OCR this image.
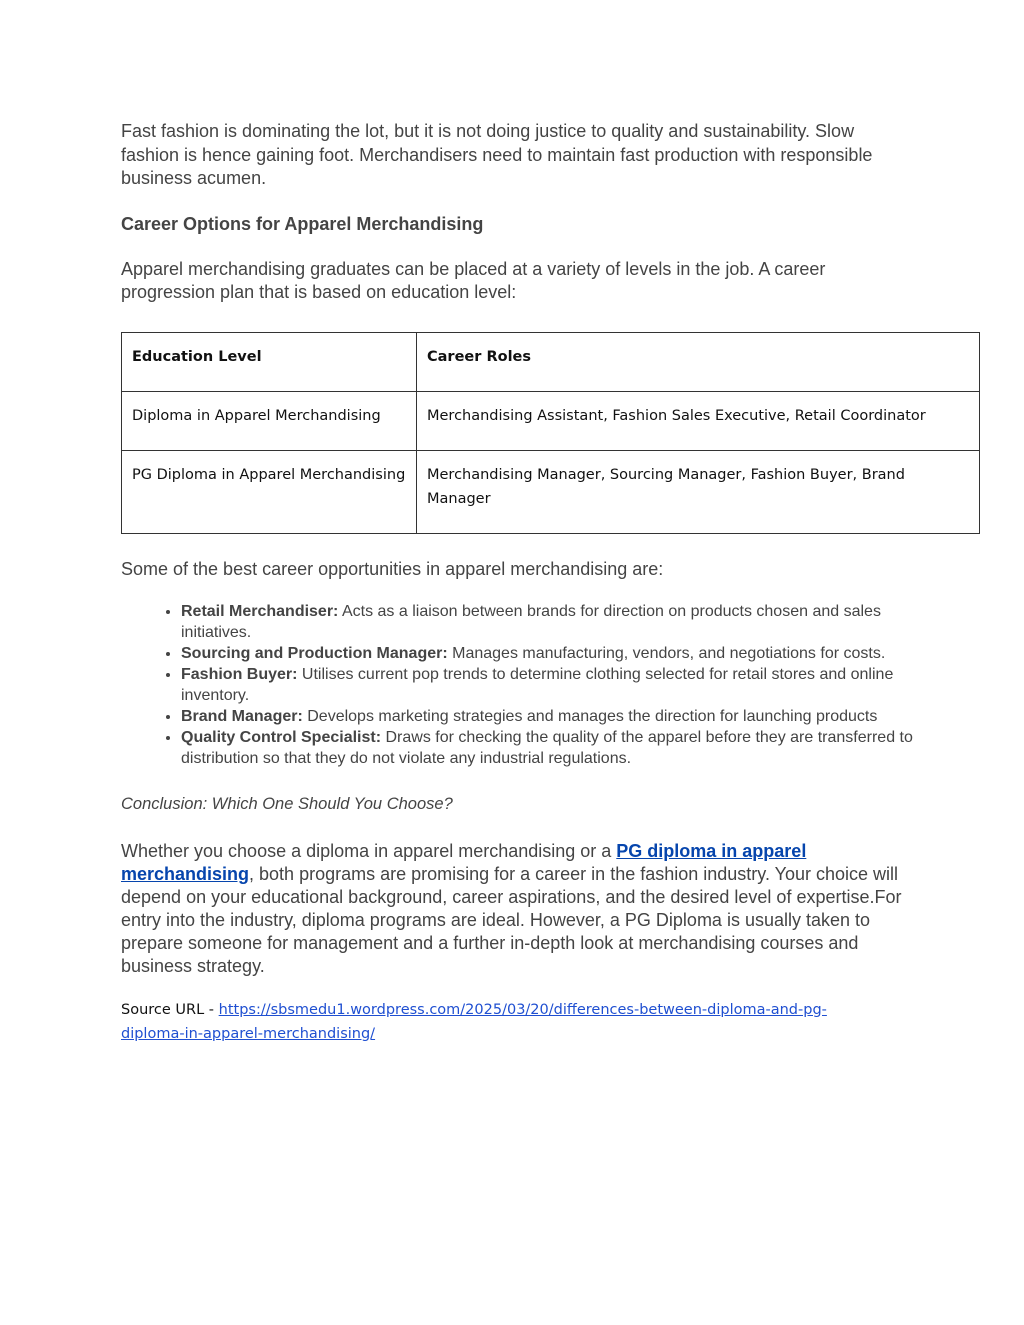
Fast fashion is dominating the lot, but it is not doing justice to quality and sustainability. Slow fashion is hence gaining foot. Merchandisers need to maintain fast production with responsible business acumen.

Career Options for Apparel Merchandising

Apparel merchandising graduates can be placed at a variety of levels in the job. A career progression plan that is based on education level:

Education Level	Career Roles
Diploma in Apparel Merchandising	Merchandising Assistant, Fashion Sales Executive, Retail Coordinator
PG Diploma in Apparel Merchandising	Merchandising Manager, Sourcing Manager, Fashion Buyer, Brand Manager

Some of the best career opportunities in apparel merchandising are:

• Retail Merchandiser: Acts as a liaison between brands for direction on products chosen and sales initiatives.
• Sourcing and Production Manager: Manages manufacturing, vendors, and negotiations for costs.
• Fashion Buyer: Utilises current pop trends to determine clothing selected for retail stores and online inventory.
• Brand Manager: Develops marketing strategies and manages the direction for launching products
• Quality Control Specialist: Draws for checking the quality of the apparel before they are transferred to distribution so that they do not violate any industrial regulations.

Conclusion: Which One Should You Choose?

Whether you choose a diploma in apparel merchandising or a PG diploma in apparel merchandising, both programs are promising for a career in the fashion industry. Your choice will depend on your educational background, career aspirations, and the desired level of expertise.For entry into the industry, diploma programs are ideal. However, a PG Diploma is usually taken to prepare someone for management and a further in-depth look at merchandising courses and business strategy.

Source URL - https://sbsmedu1.wordpress.com/2025/03/20/differences-between-diploma-and-pg-diploma-in-apparel-merchandising/
